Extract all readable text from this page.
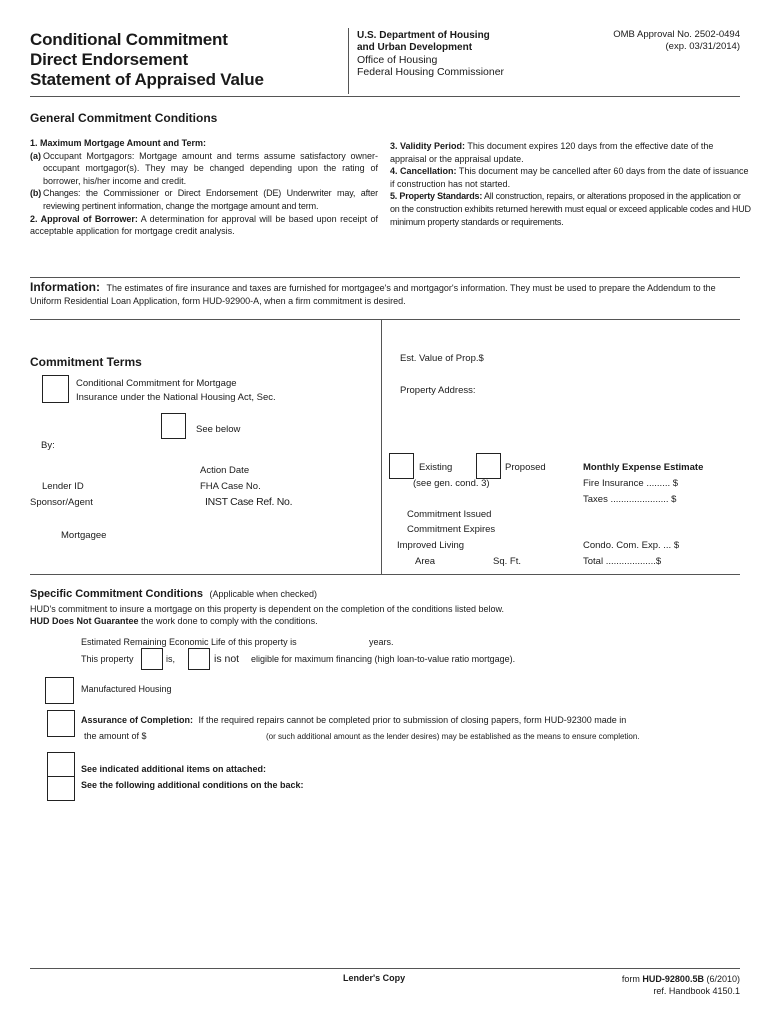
Conditional Commitment
Direct Endorsement
Statement of Appraised Value
U.S. Department of Housing
and Urban Development
Office of Housing
Federal Housing Commissioner
OMB Approval No. 2502-0494
(exp. 03/31/2014)
General Commitment Conditions
1. Maximum Mortgage Amount and Term:
(a) Occupant Mortgagors: Mortgage amount and terms assume satisfactory owner-occupant mortgagor(s). They may be changed depending upon the rating of borrower, his/her income and credit.
(b) Changes: the Commissioner or Direct Endorsement (DE) Underwriter may, after reviewing pertinent information, change the mortgage amount and term.
2. Approval of Borrower: A determination for approval will be based upon receipt of acceptable application for mortgage credit analysis.
3. Validity Period: This document expires 120 days from the effective date of the appraisal or the appraisal update.
4. Cancellation: This document may be cancelled after 60 days from the date of issuance if construction has not started.
5. Property Standards: All construction, repairs, or alterations proposed in the application or on the construction exhibits returned herewith must equal or exceed applicable codes and HUD minimum property standards or requirements.
Information: The estimates of fire insurance and taxes are furnished for mortgagee's and mortgagor's information. They must be used to prepare the Addendum to the Uniform Residential Loan Application, form HUD-92900-A, when a firm commitment is desired.
Commitment Terms
Conditional Commitment for Mortgage
Insurance under the National Housing Act, Sec.
See below
By:
Action Date
Lender ID	FHA Case No.
Sponsor/Agent	INST Case Ref. No.
Mortgagee
Est. Value of Prop.$
Property Address:
Existing	Proposed
(see gen. cond. 3)
Commitment Issued
Commitment Expires
Improved Living
Area	Sq. Ft.
Monthly Expense Estimate
Fire Insurance ......... $
Taxes ...................... $
Condo. Com. Exp. ... $
Total ...................$
Specific Commitment Conditions (Applicable when checked)
HUD's commitment to insure a mortgage on this property is dependent on the completion of the conditions listed below.
HUD Does Not Guarantee the work done to comply with the conditions.
Estimated Remaining Economic Life of this property is	years.
This property	is,	is not eligible for maximum financing (high loan-to-value ratio mortgage).
Manufactured Housing
Assurance of Completion: If the required repairs cannot be completed prior to submission of closing papers, form HUD-92300 made in
the amount of $	(or such additional amount as the lender desires) may be established as the means to ensure completion.
See indicated additional items on attached:
See the following additional conditions on the back:
Lender's Copy	form HUD-92800.5B (6/2010)
ref. Handbook 4150.1
